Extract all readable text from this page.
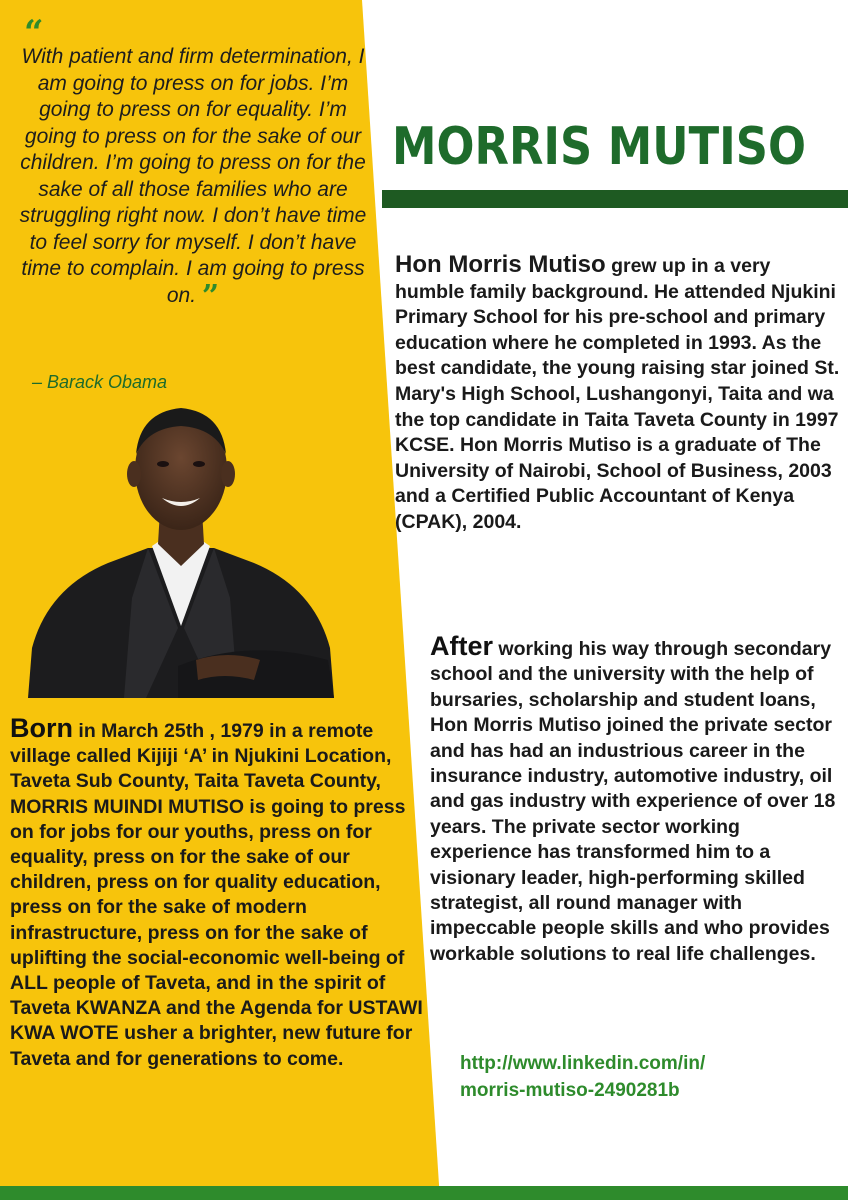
MORRIS MUTISO
“
With patient and firm determination, I am going to press on for jobs. I’m going to press on for equality. I’m going to press on for the sake of our children. I’m going to press on for the sake of all those families who are struggling right now. I don’t have time to feel sorry for myself. I don’t have time to complain. I am going to press on. ”
– Barack Obama
Born in March 25th , 1979 in a remote village called Kijiji ‘A’ in Njukini Location, Taveta Sub County, Taita Taveta County, MORRIS MUINDI MUTISO is going to press on for jobs for our youths, press on for equality, press on for the sake of our children, press on for quality education, press on for the sake of modern infrastructure, press on for the sake of uplifting the social-economic well-being of ALL people of Taveta, and in the spirit of Taveta KWANZA and the Agenda for USTAWI KWA WOTE usher a brighter, new future for Taveta and for generations to come.
Hon Morris Mutiso grew up in a very humble family background. He attended Njukini Primary School for his pre-school and primary education where he completed in 1993. As the best candidate, the young raising star joined St. Mary's High School, Lushangonyi, Taita and wa the top candidate in Taita Taveta County in 1997 KCSE. Hon Morris Mutiso is a graduate of The University of Nairobi, School of Business, 2003 and a Certified Public Accountant of Kenya (CPAK), 2004.
After working his way through secondary school and the university with the help of bursaries, scholarship and student loans, Hon Morris Mutiso joined the private sector and has had an industrious career in the insurance industry, automotive industry, oil and gas industry with experience of over 18 years. The private sector working experience has transformed him to a visionary leader, high-performing skilled strategist, all round manager with impeccable people skills and who provides workable solutions to real life challenges.
http://www.linkedin.com/in/
morris-mutiso-2490281b
